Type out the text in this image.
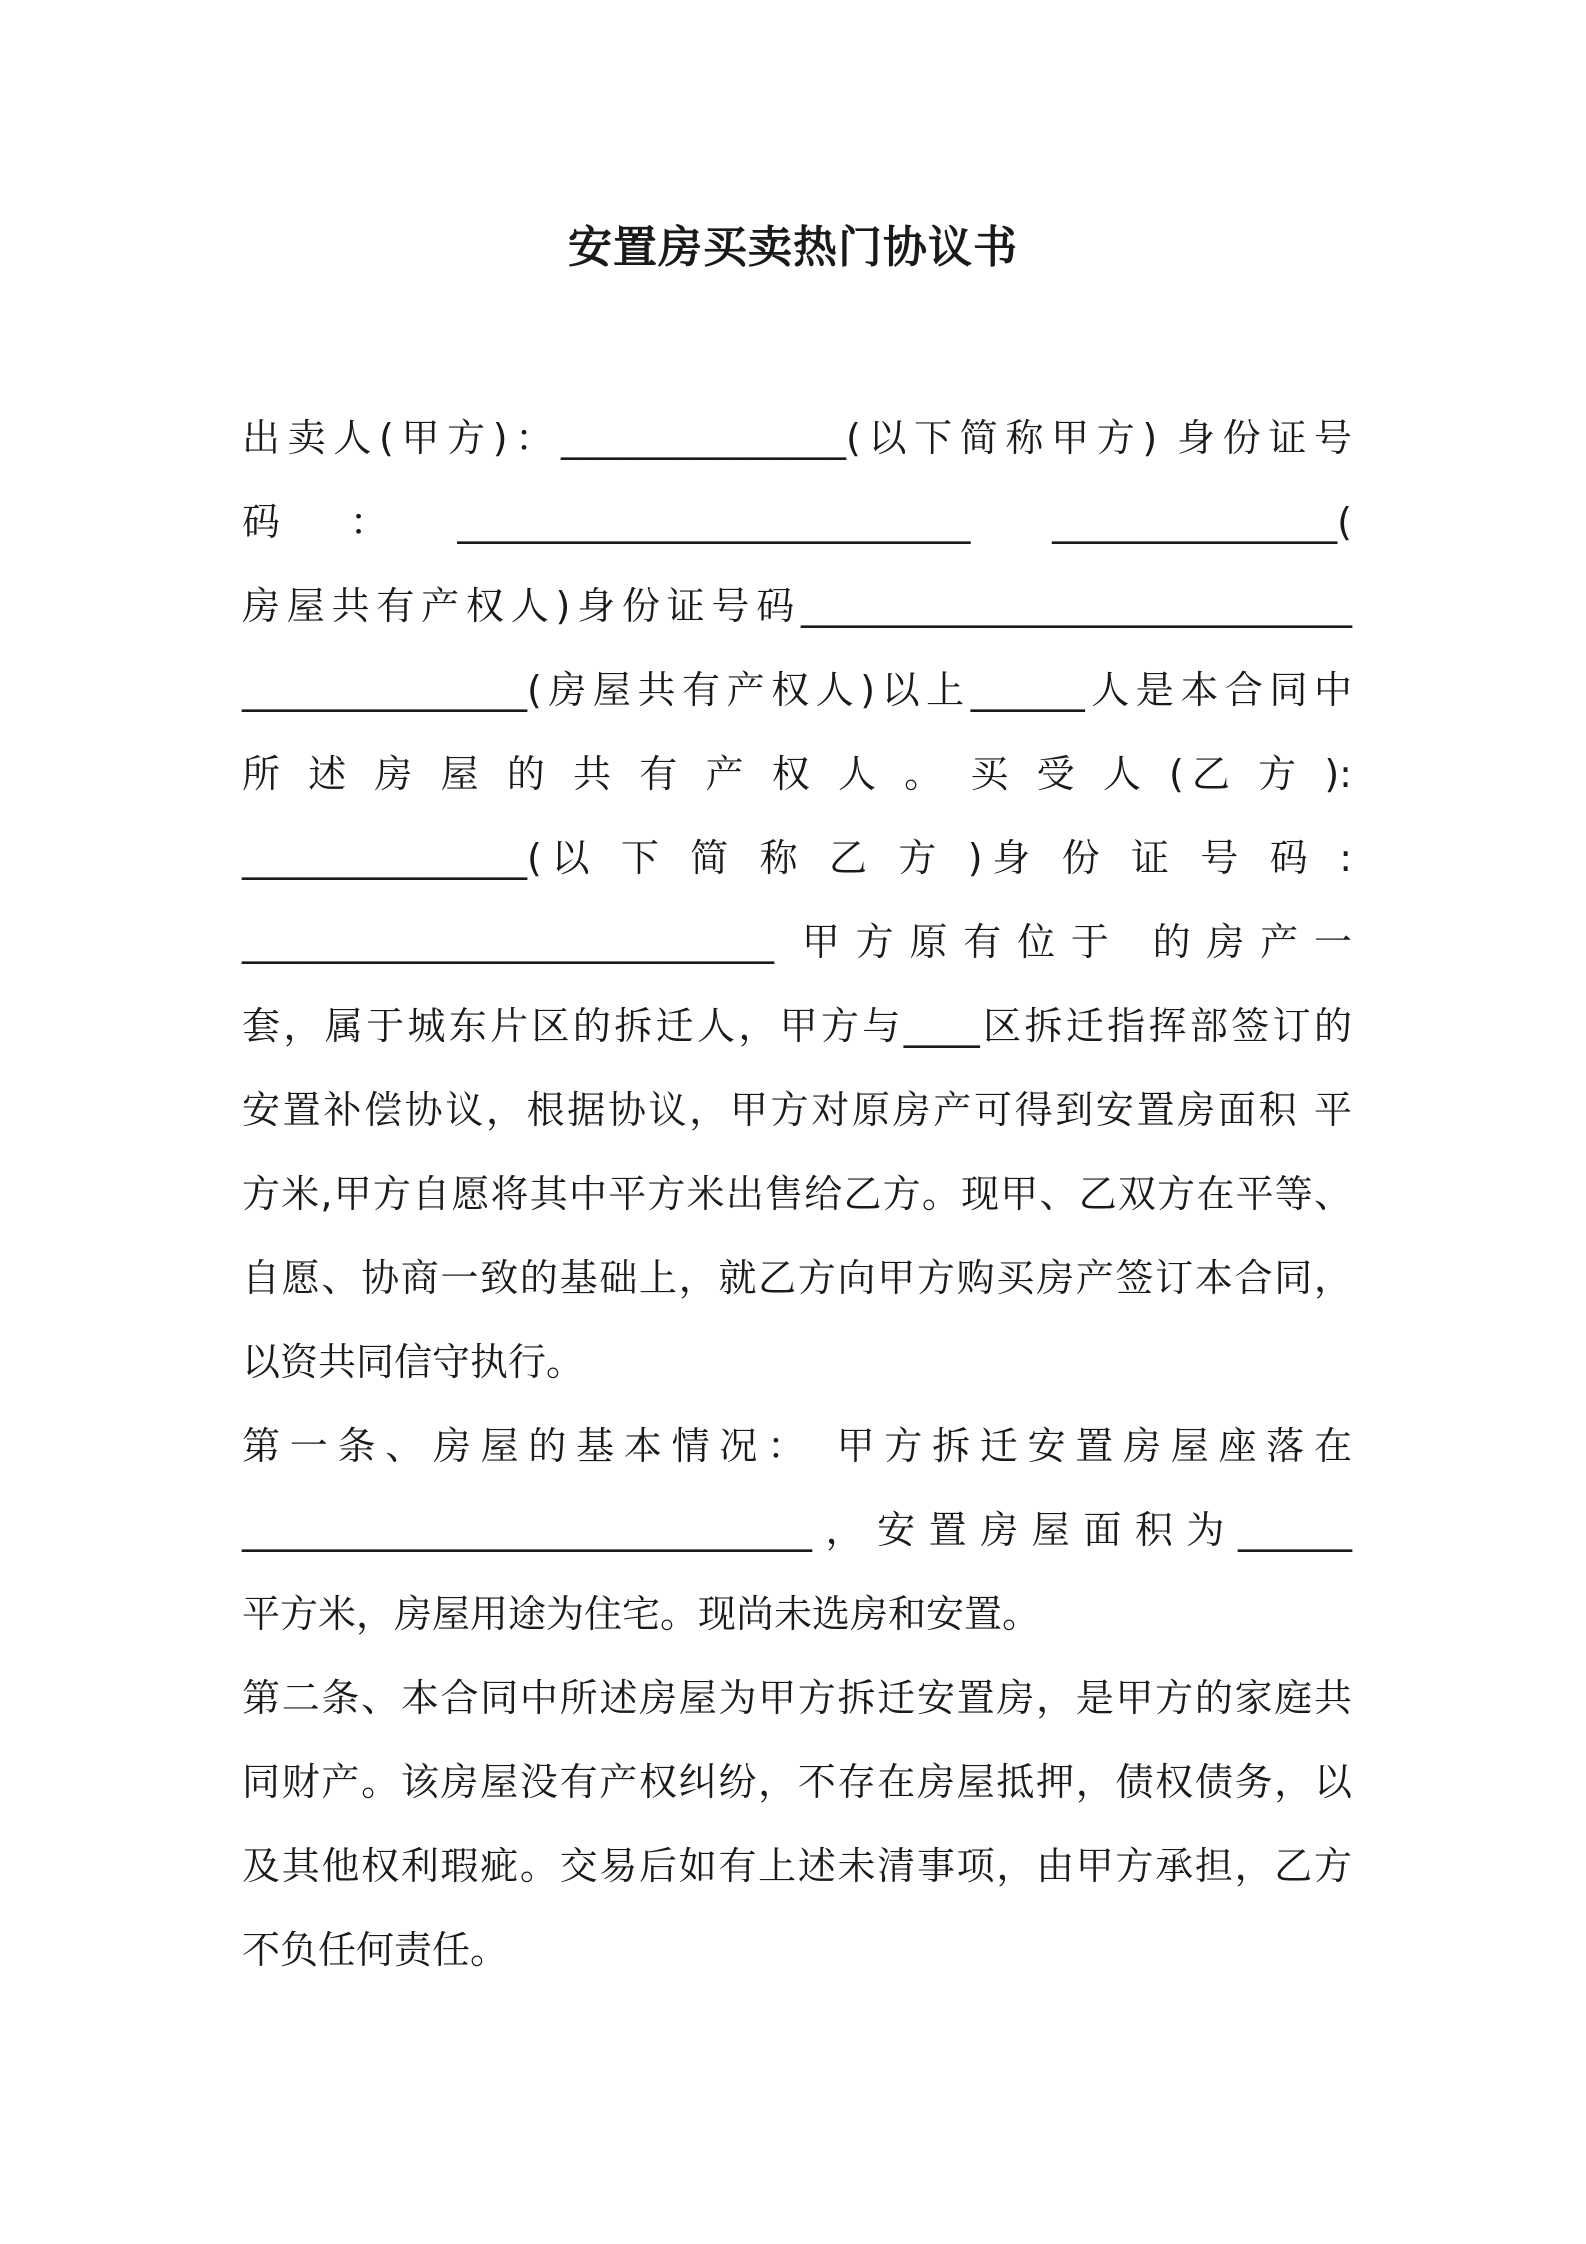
安置房买卖热门协议书
出卖人(甲方)：_______________(以下简称甲方) 身份证号
码：___________________________ _______________(
房屋共有产权人)身份证号码_____________________________
_______________(房屋共有产权人)以上______人是本合同中
所 述 房 屋 的 共 有 产 权 人 。 买 受 人 (乙 方 ):
_______________(以 下 简 称 乙 方 )身 份 证 号 码 :
____________________________ 甲方原有位于 的房产一
套，属于城东片区的拆迁人，甲方与____区拆迁指挥部签订的
安置补偿协议，根据协议，甲方对原房产可得到安置房面积 平
方米,甲方自愿将其中平方米出售给乙方。现甲、乙双方在平等、
自愿、协商一致的基础上，就乙方向甲方购买房产签订本合同，
以资共同信守执行。
第一条、房屋的基本情况： 甲方拆迁安置房屋座落在
______________________________，安置房屋面积为______
平方米，房屋用途为住宅。现尚未选房和安置。
第二条、本合同中所述房屋为甲方拆迁安置房，是甲方的家庭共
同财产。该房屋没有产权纠纷，不存在房屋抵押，债权债务，以
及其他权利瑕疵。交易后如有上述未清事项，由甲方承担，乙方
不负任何责任。
